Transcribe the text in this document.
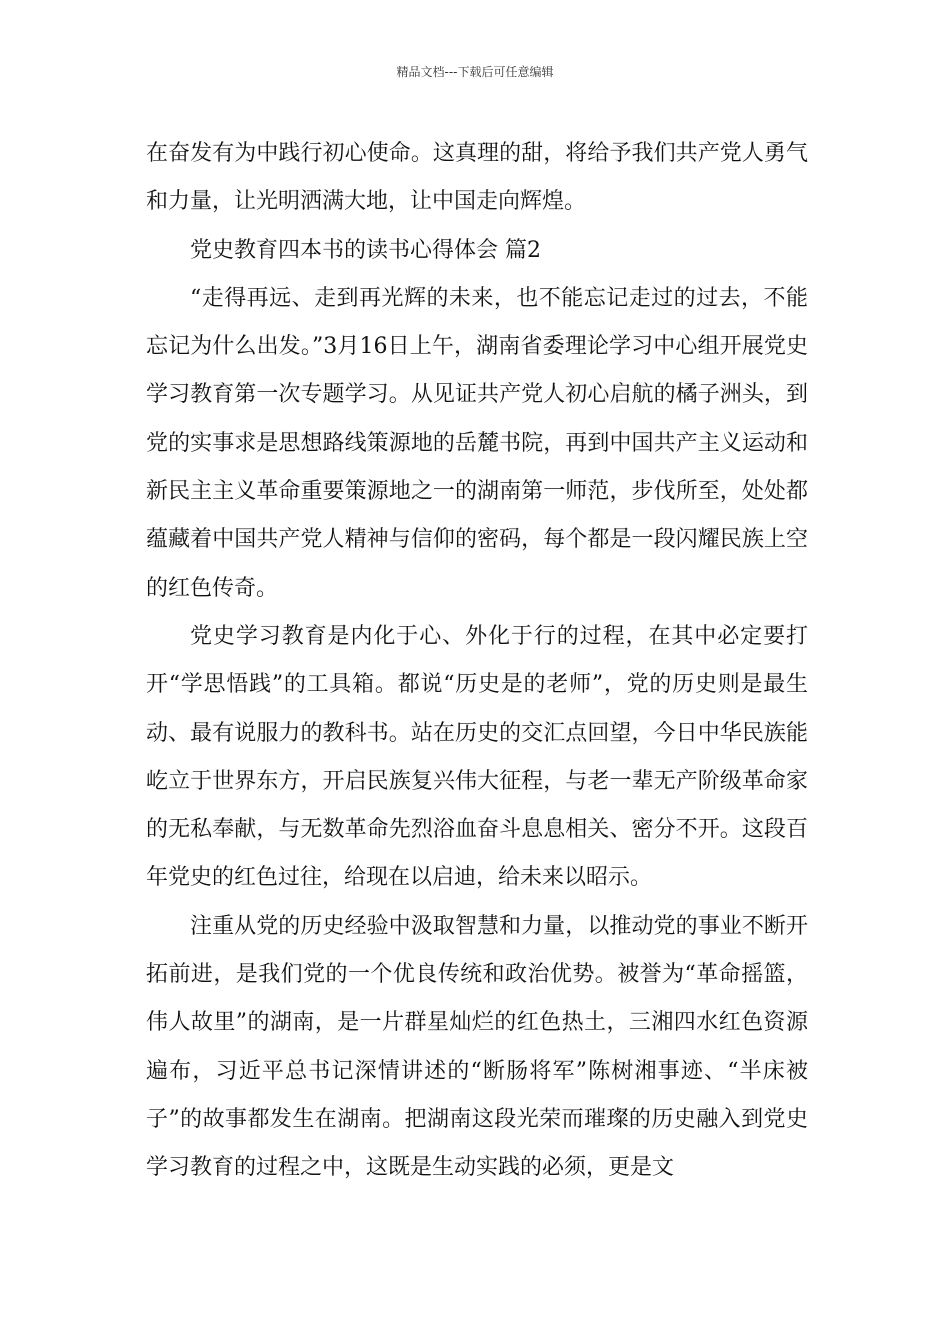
精品文档---下载后可任意编辑

在奋发有为中践行初心使命。这真理的甜，将给予我们共产党人勇气和力量，让光明洒满大地，让中国走向辉煌。

党史教育四本书的读书心得体会 篇2

“走得再远、走到再光辉的未来，也不能忘记走过的过去，不能忘记为什么出发。”3月16日上午，湖南省委理论学习中心组开展党史学习教育第一次专题学习。从见证共产党人初心启航的橘子洲头，到党的实事求是思想路线策源地的岳麓书院，再到中国共产主义运动和新民主主义革命重要策源地之一的湖南第一师范，步伐所至，处处都蕴藏着中国共产党人精神与信仰的密码，每个都是一段闪耀民族上空的红色传奇。

党史学习教育是内化于心、外化于行的过程，在其中必定要打开“学思悟践”的工具箱。都说“历史是的老师”，党的历史则是最生动、最有说服力的教科书。站在历史的交汇点回望，今日中华民族能屹立于世界东方，开启民族复兴伟大征程，与老一辈无产阶级革命家的无私奉献，与无数革命先烈浴血奋斗息息相关、密分不开。这段百年党史的红色过往，给现在以启迪，给未来以昭示。

注重从党的历史经验中汲取智慧和力量，以推动党的事业不断开拓前进，是我们党的一个优良传统和政治优势。被誉为“革命摇篮，伟人故里”的湖南，是一片群星灿烂的红色热土，三湘四水红色资源遍布，习近平总书记深情讲述的“断肠将军”陈树湘事迹、“半床被子”的故事都发生在湖南。把湖南这段光荣而璀璨的历史融入到党史学习教育的过程之中，这既是生动实践的必须，更是文
